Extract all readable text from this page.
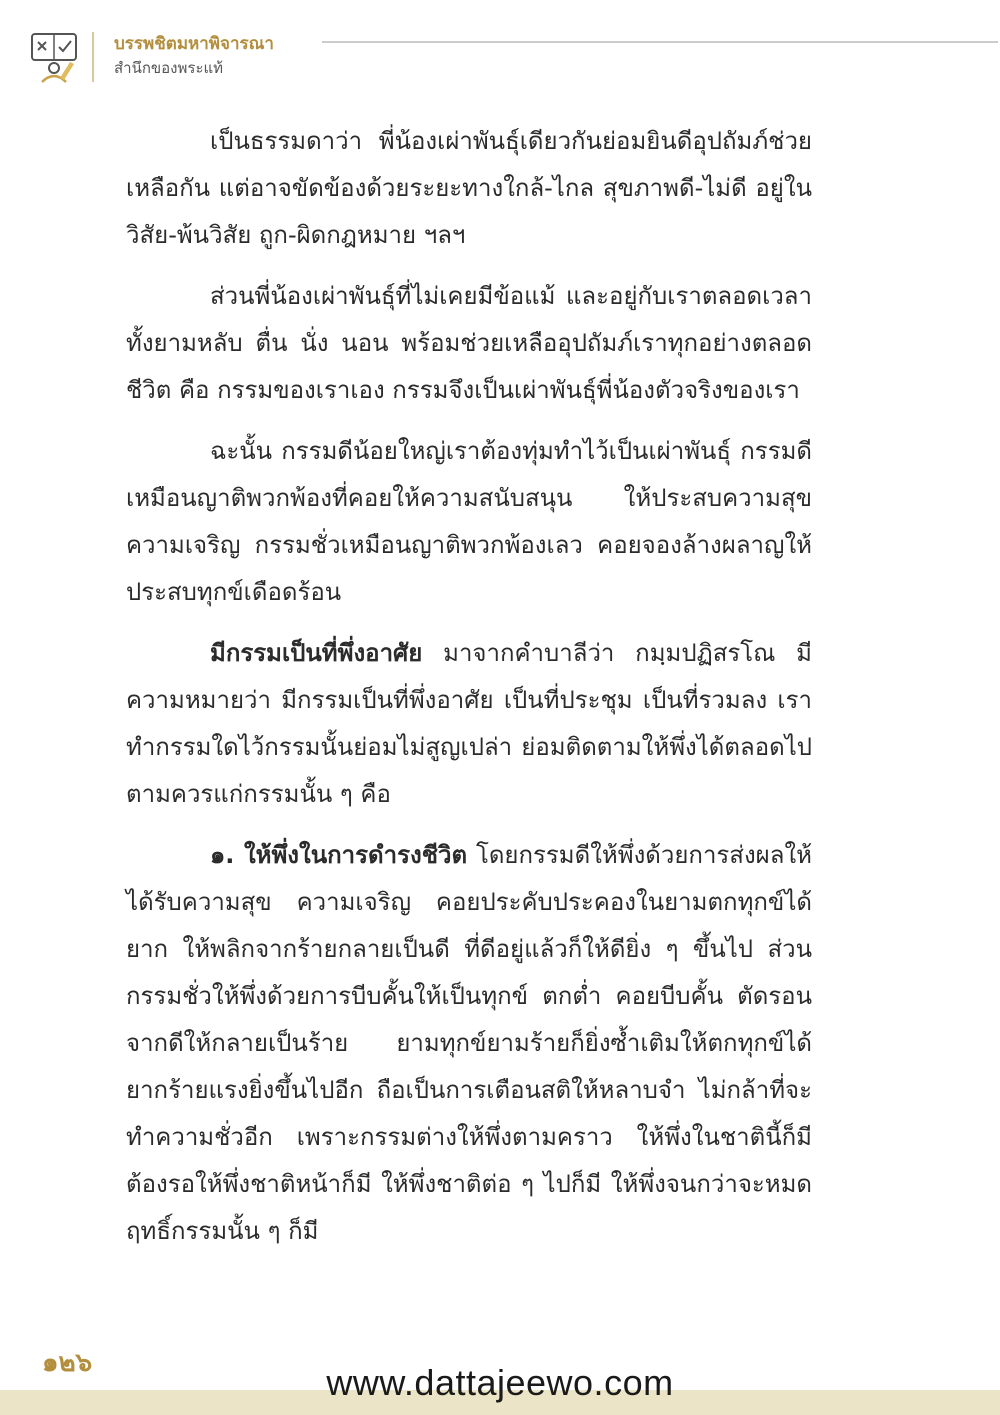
บรรพชิตมหาพิจารณา
สำนึกของพระแท้

เป็นธรรมดาว่า พี่น้องเผ่าพันธุ์เดียวกันย่อมยินดีอุปถัมภ์ช่วยเหลือกัน แต่อาจขัดข้องด้วยระยะทางใกล้-ไกล สุขภาพดี-ไม่ดี อยู่ในวิสัย-พ้นวิสัย ถูก-ผิดกฎหมาย ฯลฯ

ส่วนพี่น้องเผ่าพันธุ์ที่ไม่เคยมีข้อแม้ และอยู่กับเราตลอดเวลา ทั้งยามหลับ ตื่น นั่ง นอน พร้อมช่วยเหลืออุปถัมภ์เราทุกอย่างตลอดชีวิต คือ กรรมของเราเอง กรรมจึงเป็นเผ่าพันธุ์พี่น้องตัวจริงของเรา

ฉะนั้น กรรมดีน้อยใหญ่เราต้องทุ่มทำไว้เป็นเผ่าพันธุ์ กรรมดีเหมือนญาติพวกพ้องที่คอยให้ความสนับสนุน ให้ประสบความสุข ความเจริญ กรรมชั่วเหมือนญาติพวกพ้องเลว คอยจองล้างผลาญให้ประสบทุกข์เดือดร้อน

มีกรรมเป็นที่พึ่งอาศัย มาจากคำบาลีว่า กมฺมปฏิสรโณ มีความหมายว่า มีกรรมเป็นที่พึ่งอาศัย เป็นที่ประชุม เป็นที่รวมลง เราทำกรรมใดไว้กรรมนั้นย่อมไม่สูญเปล่า ย่อมติดตามให้พึ่งได้ตลอดไปตามควรแก่กรรมนั้น ๆ คือ

๑. ให้พึ่งในการดำรงชีวิต โดยกรรมดีให้พึ่งด้วยการส่งผลให้ได้รับความสุข ความเจริญ คอยประคับประคองในยามตกทุกข์ได้ยาก ให้พลิกจากร้ายกลายเป็นดี ที่ดีอยู่แล้วก็ให้ดียิ่ง ๆ ขึ้นไป ส่วนกรรมชั่วให้พึ่งด้วยการบีบคั้นให้เป็นทุกข์ ตกต่ำ คอยบีบคั้น ตัดรอนจากดีให้กลายเป็นร้าย ยามทุกข์ยามร้ายก็ยิ่งซ้ำเติมให้ตกทุกข์ได้ยากร้ายแรงยิ่งขึ้นไปอีก ถือเป็นการเตือนสติให้หลาบจำ ไม่กล้าที่จะทำความชั่วอีก เพราะกรรมต่างให้พึ่งตามคราว ให้พึ่งในชาตินี้ก็มี ต้องรอให้พึ่งชาติหน้าก็มี ให้พึ่งชาติต่อ ๆ ไปก็มี ให้พึ่งจนกว่าจะหมดฤทธิ์กรรมนั้น ๆ ก็มี

๑๒๖	www.dattajeewo.com
